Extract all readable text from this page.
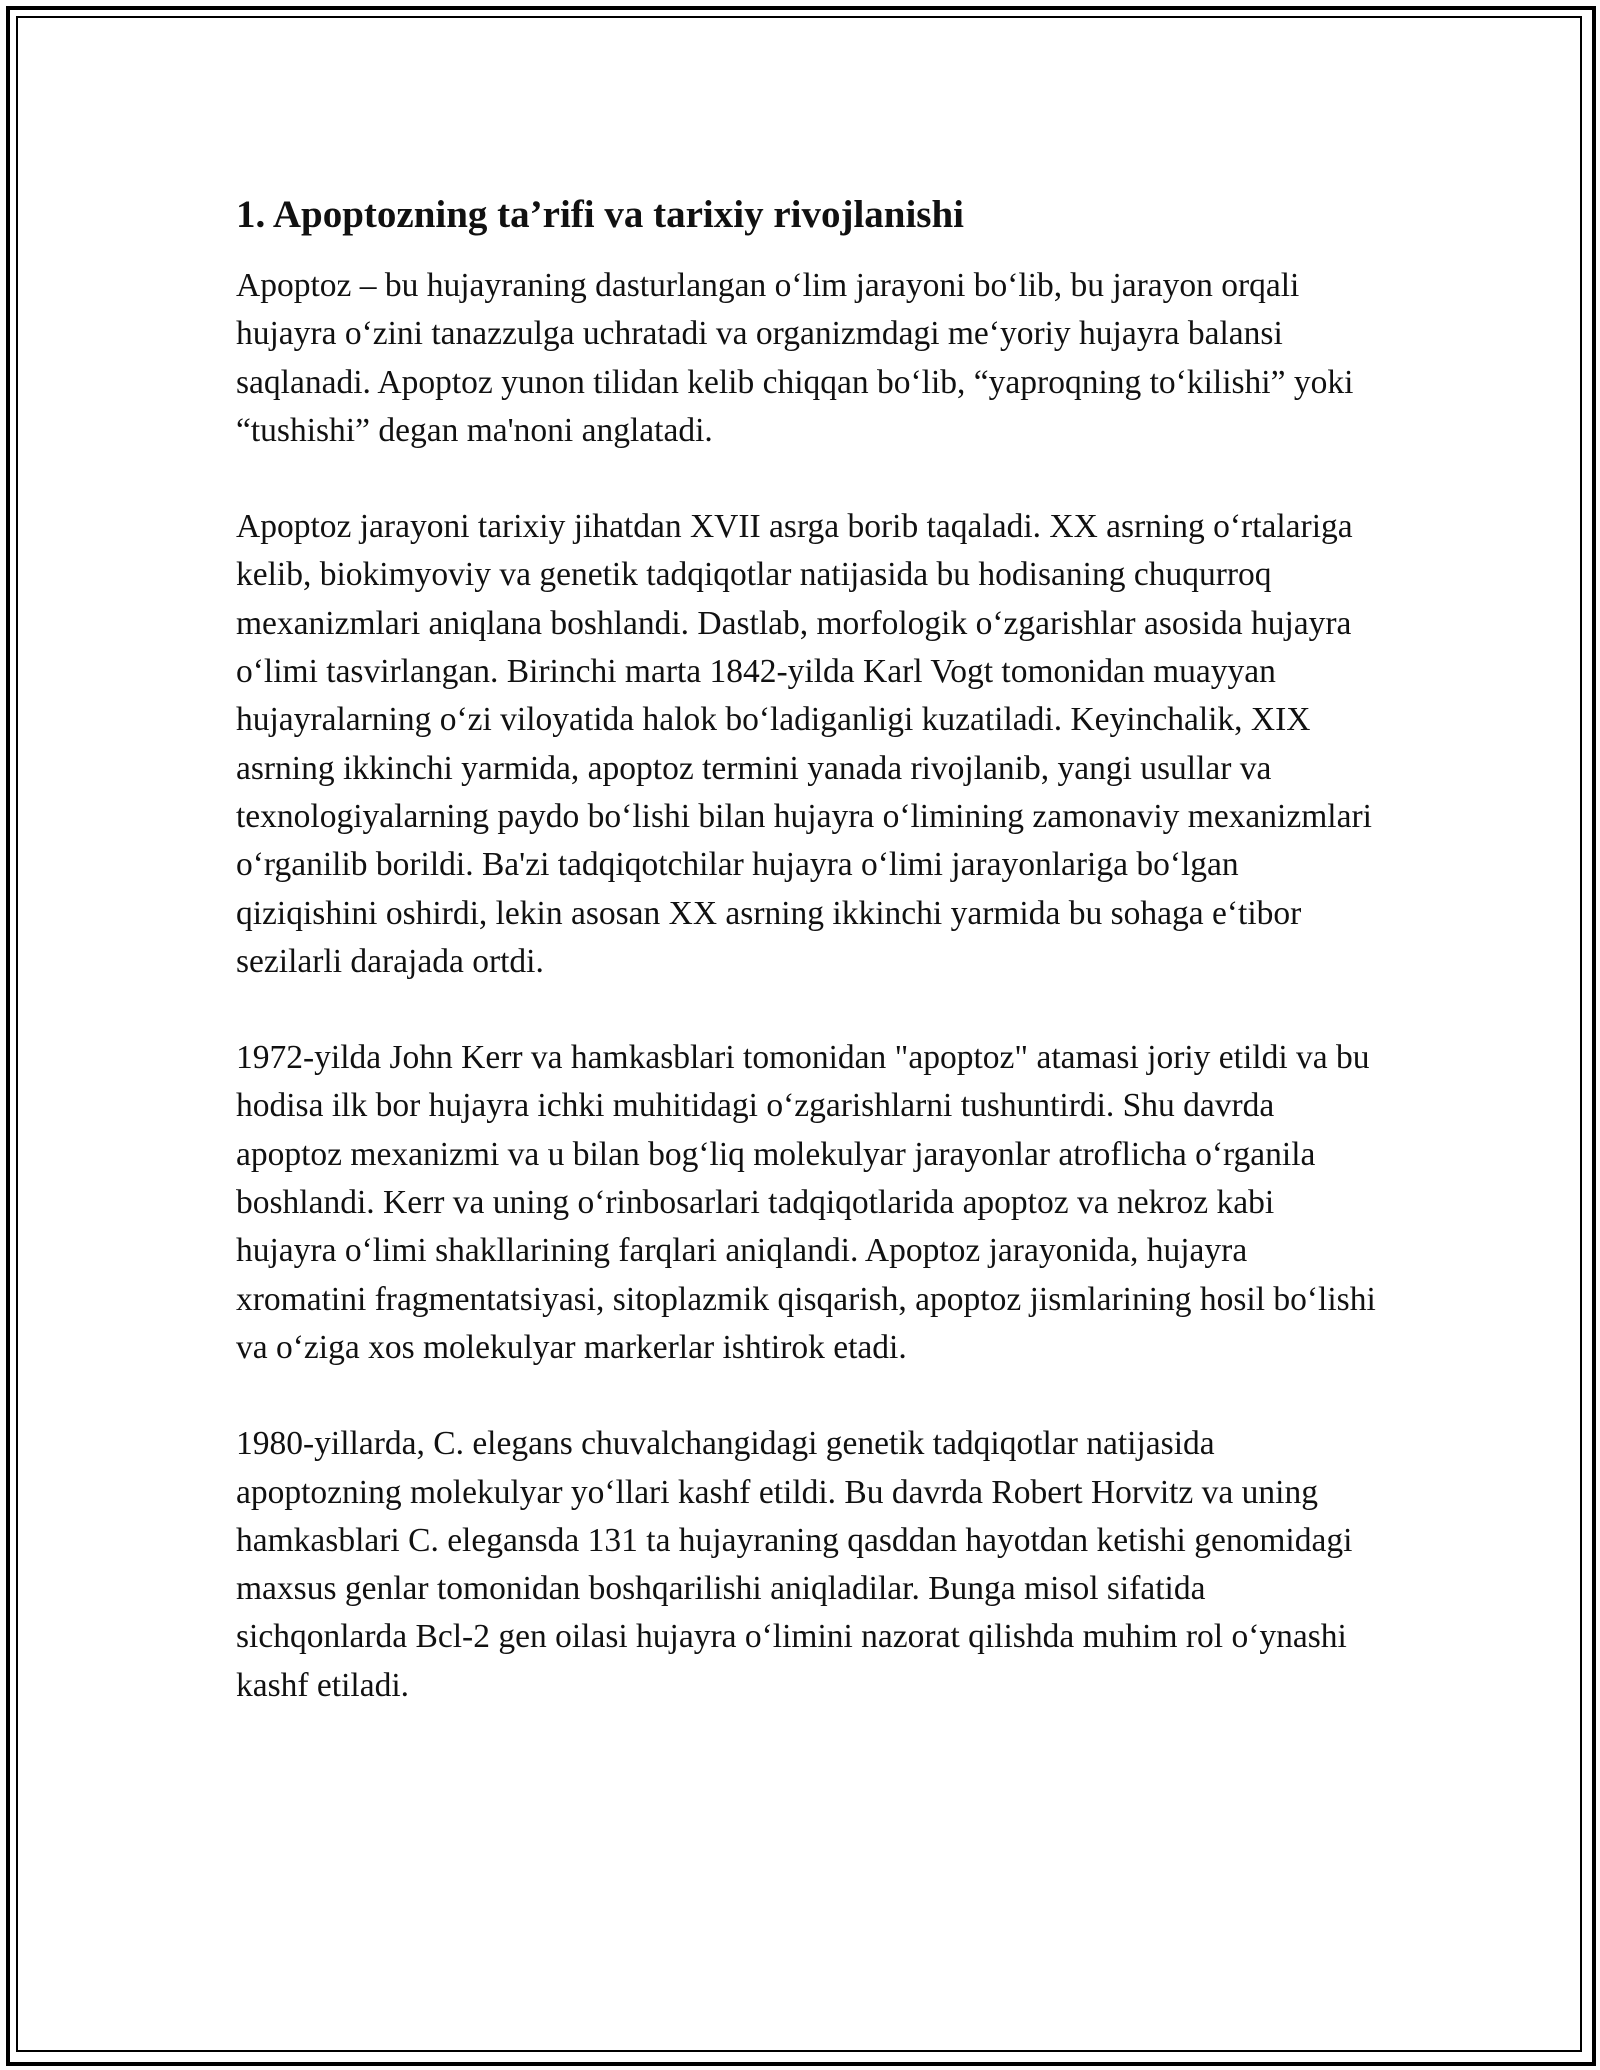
1. Apoptozning ta’rifi va tarixiy rivojlanishi

Apoptoz – bu hujayraning dasturlangan o‘lim jarayoni bo‘lib, bu jarayon orqali hujayra o‘zini tanazzulga uchratadi va organizmdagi me‘yoriy hujayra balansi saqlanadi. Apoptoz yunon tilidan kelib chiqqan bo‘lib, “yaproqning to‘kilishi” yoki “tushishi” degan ma'noni anglatadi.

Apoptoz jarayoni tarixiy jihatdan XVII asrga borib taqaladi. XX asrning o‘rtalariga kelib, biokimyoviy va genetik tadqiqotlar natijasida bu hodisaning chuqurroq mexanizmlari aniqlana boshlandi. Dastlab, morfologik o‘zgarishlar asosida hujayra o‘limi tasvirlangan. Birinchi marta 1842-yilda Karl Vogt tomonidan muayyan hujayralarning o‘zi viloyatida halok bo‘ladiganligi kuzatiladi. Keyinchalik, XIX asrning ikkinchi yarmida, apoptoz termini yanada rivojlanib, yangi usullar va texnologiyalarning paydo bo‘lishi bilan hujayra o‘limining zamonaviy mexanizmlari o‘rganilib borildi. Ba'zi tadqiqotchilar hujayra o‘limi jarayonlariga bo‘lgan qiziqishini oshirdi, lekin asosan XX asrning ikkinchi yarmida bu sohaga e‘tibor sezilarli darajada ortdi.

1972-yilda John Kerr va hamkasblari tomonidan "apoptoz" atamasi joriy etildi va bu hodisa ilk bor hujayra ichki muhitidagi o‘zgarishlarni tushuntirdi. Shu davrda apoptoz mexanizmi va u bilan bog‘liq molekulyar jarayonlar atroflicha o‘rganila boshlandi. Kerr va uning o‘rinbosarlari tadqiqotlarida apoptoz va nekroz kabi hujayra o‘limi shakllarining farqlari aniqlandi. Apoptoz jarayonida, hujayra xromatini fragmentatsiyasi, sitoplazmik qisqarish, apoptoz jismlarining hosil bo‘lishi va o‘ziga xos molekulyar markerlar ishtirok etadi.

1980-yillarda, C. elegans chuvalchangidagi genetik tadqiqotlar natijasida apoptozning molekulyar yo‘llari kashf etildi. Bu davrda Robert Horvitz va uning hamkasblari C. elegansda 131 ta hujayraning qasddan hayotdan ketishi genomidagi maxsus genlar tomonidan boshqarilishi aniqladilar. Bunga misol sifatida sichqonlarda Bcl-2 gen oilasi hujayra o‘limini nazorat qilishda muhim rol o‘ynashi kashf etiladi.
